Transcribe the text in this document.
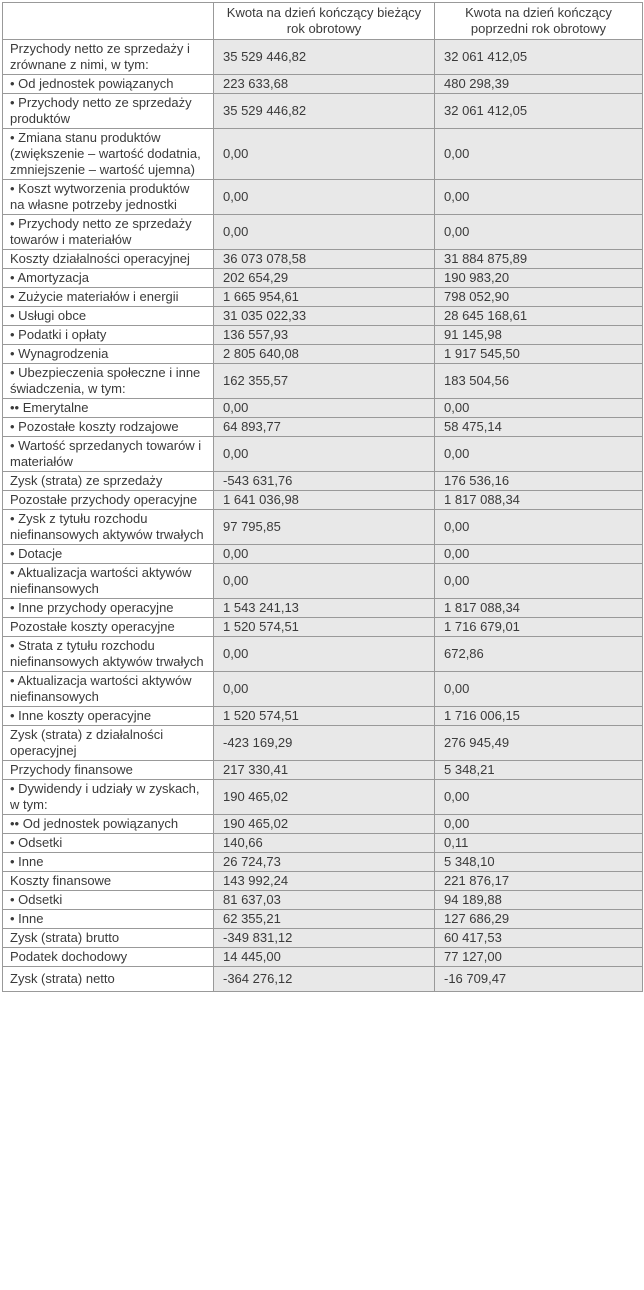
	Kwota na dzień kończący bieżący rok obrotowy	Kwota na dzień kończący poprzedni rok obrotowy
Przychody netto ze sprzedaży i zrównane z nimi, w tym:	35 529 446,82	32 061 412,05
• Od jednostek powiązanych	223 633,68	480 298,39
• Przychody netto ze sprzedaży produktów	35 529 446,82	32 061 412,05
• Zmiana stanu produktów (zwiększenie – wartość dodatnia, zmniejszenie – wartość ujemna)	0,00	0,00
• Koszt wytworzenia produktów na własne potrzeby jednostki	0,00	0,00
• Przychody netto ze sprzedaży towarów i materiałów	0,00	0,00
Koszty działalności operacyjnej	36 073 078,58	31 884 875,89
• Amortyzacja	202 654,29	190 983,20
• Zużycie materiałów i energii	1 665 954,61	798 052,90
• Usługi obce	31 035 022,33	28 645 168,61
• Podatki i opłaty	136 557,93	91 145,98
• Wynagrodzenia	2 805 640,08	1 917 545,50
• Ubezpieczenia społeczne i inne świadczenia, w tym:	162 355,57	183 504,56
•• Emerytalne	0,00	0,00
• Pozostałe koszty rodzajowe	64 893,77	58 475,14
• Wartość sprzedanych towarów i materiałów	0,00	0,00
Zysk (strata) ze sprzedaży	-543 631,76	176 536,16
Pozostałe przychody operacyjne	1 641 036,98	1 817 088,34
• Zysk z tytułu rozchodu niefinansowych aktywów trwałych	97 795,85	0,00
• Dotacje	0,00	0,00
• Aktualizacja wartości aktywów niefinansowych	0,00	0,00
• Inne przychody operacyjne	1 543 241,13	1 817 088,34
Pozostałe koszty operacyjne	1 520 574,51	1 716 679,01
• Strata z tytułu rozchodu niefinansowych aktywów trwałych	0,00	672,86
• Aktualizacja wartości aktywów niefinansowych	0,00	0,00
• Inne koszty operacyjne	1 520 574,51	1 716 006,15
Zysk (strata) z działalności operacyjnej	-423 169,29	276 945,49
Przychody finansowe	217 330,41	5 348,21
• Dywidendy i udziały w zyskach, w tym:	190 465,02	0,00
•• Od jednostek powiązanych	190 465,02	0,00
• Odsetki	140,66	0,11
• Inne	26 724,73	5 348,10
Koszty finansowe	143 992,24	221 876,17
• Odsetki	81 637,03	94 189,88
• Inne	62 355,21	127 686,29
Zysk (strata) brutto	-349 831,12	60 417,53
Podatek dochodowy	14 445,00	77 127,00
Zysk (strata) netto	-364 276,12	-16 709,47
